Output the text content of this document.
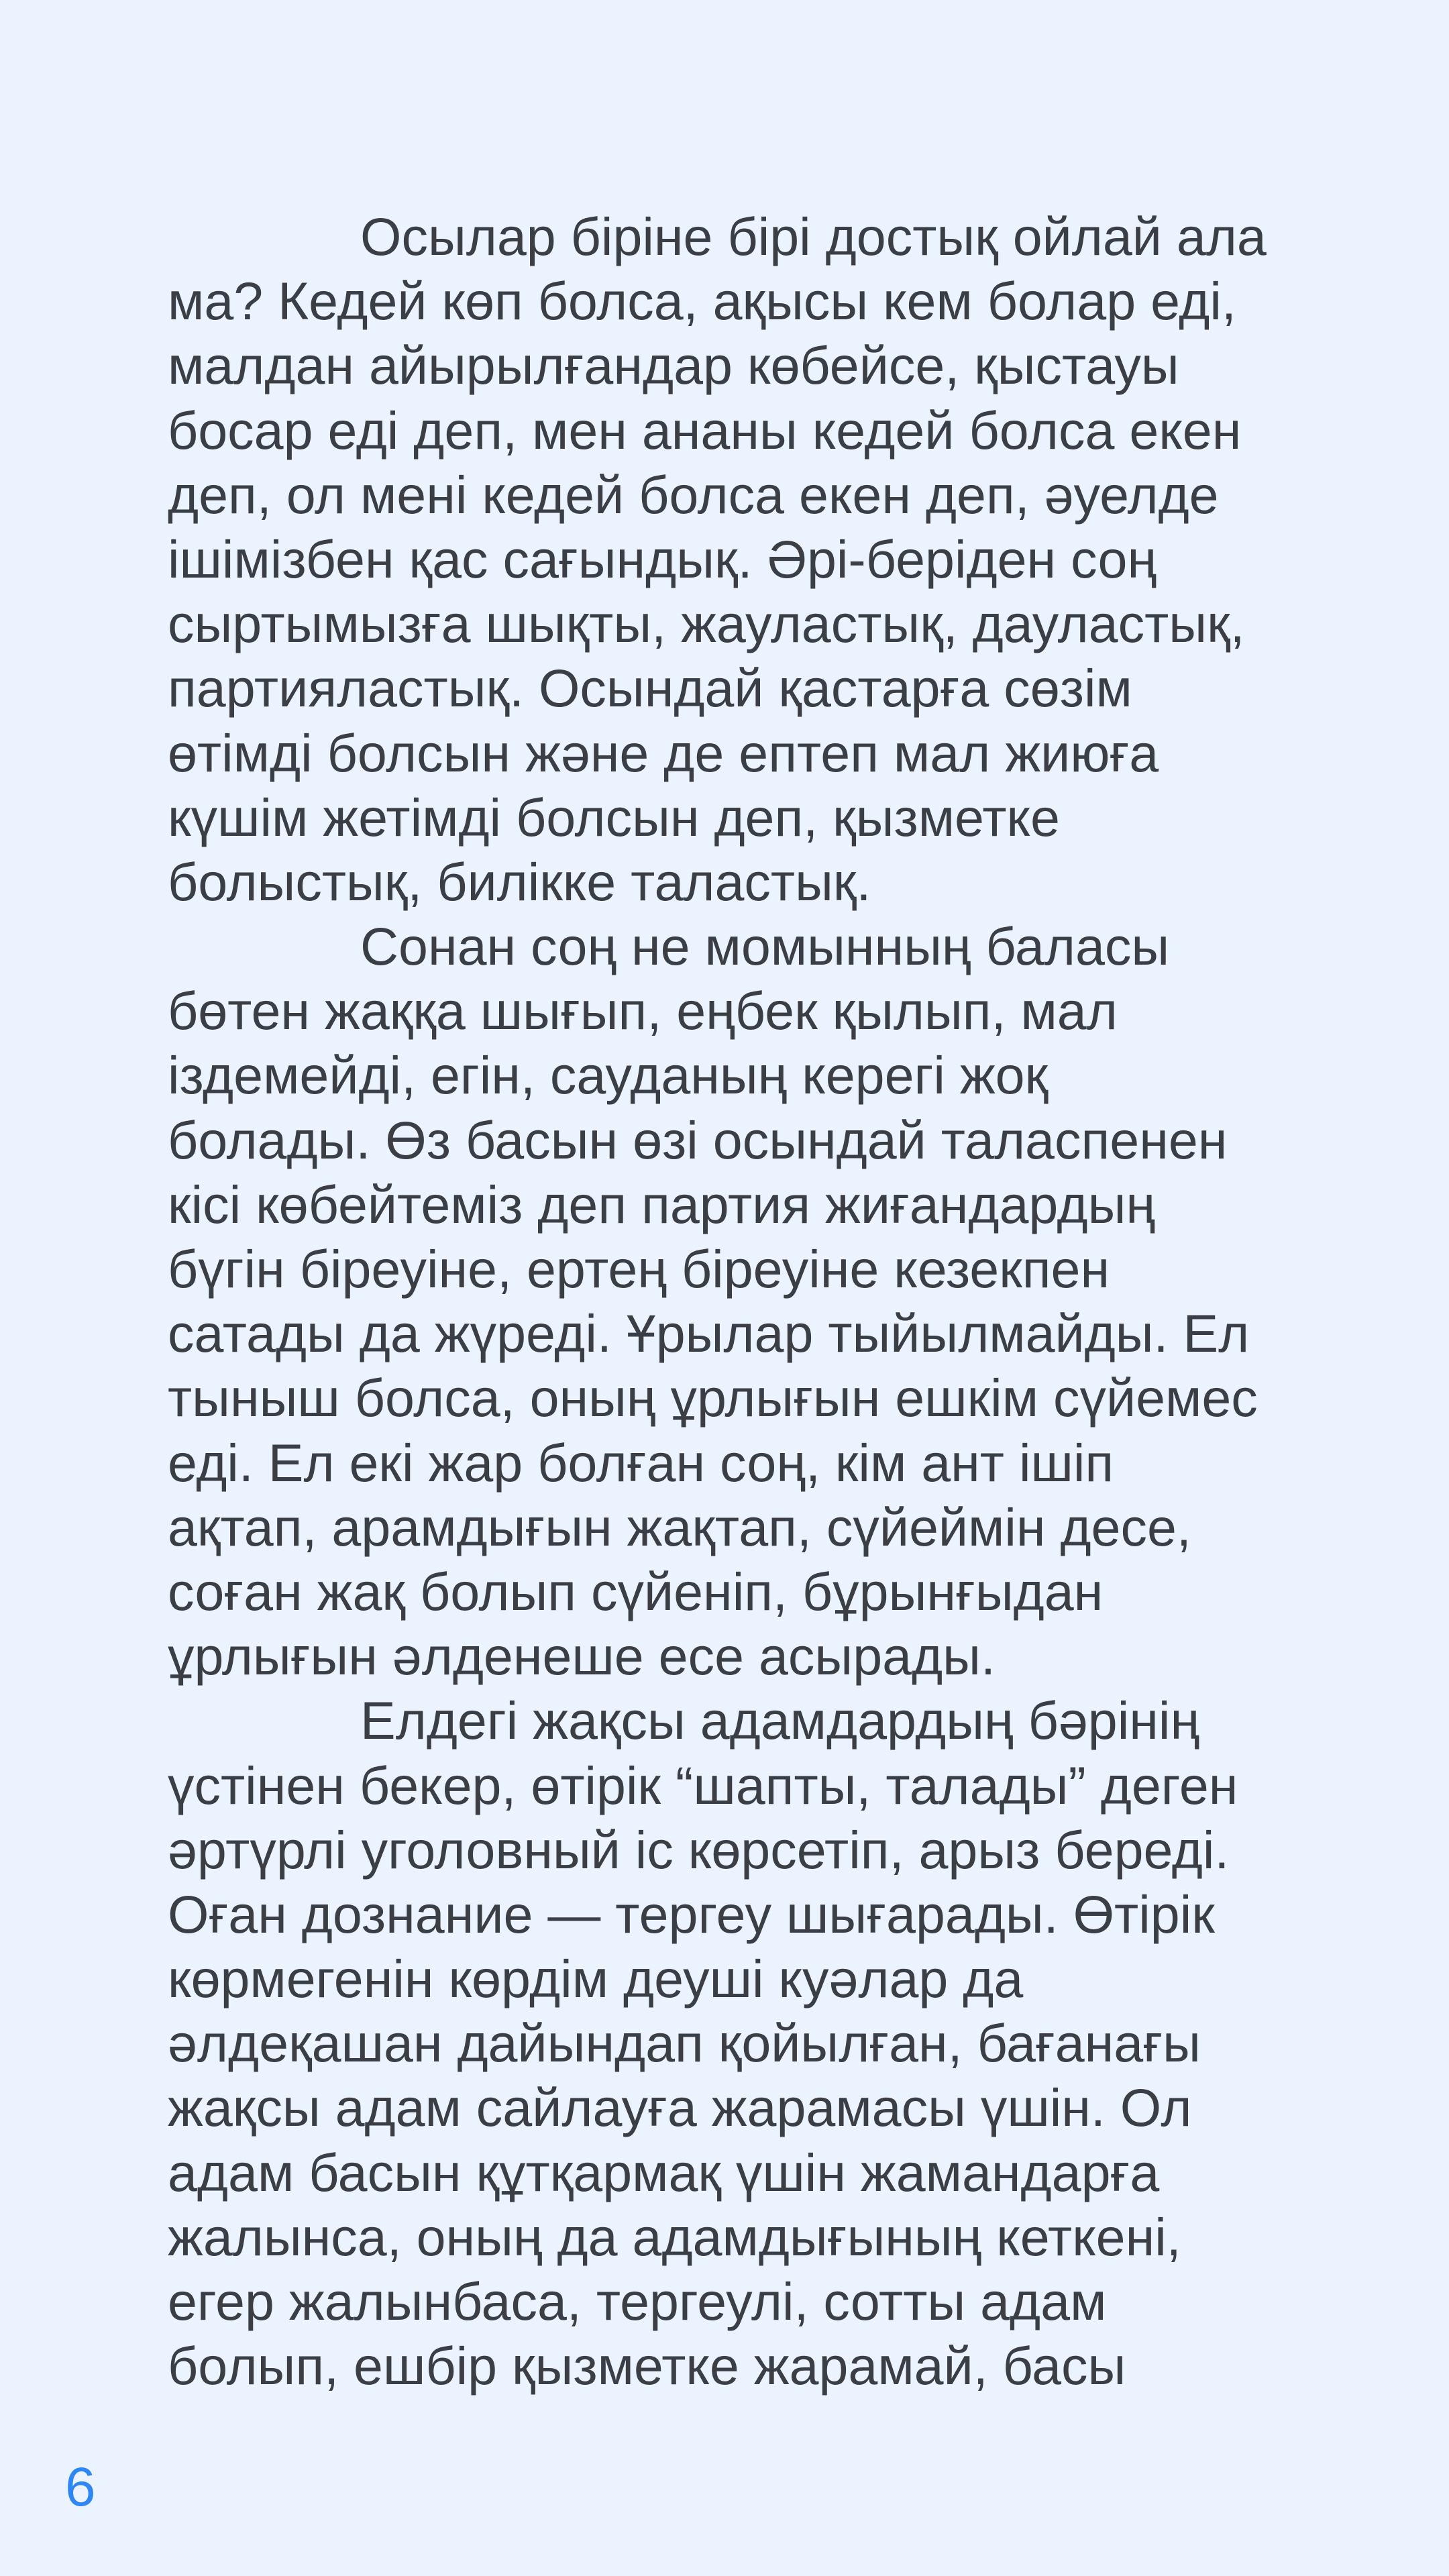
Осылар біріне бірі достық ойлай ала
ма? Кедей көп болса, ақысы кем болар еді,
малдан айырылғандар көбейсе, қыстауы
босар еді деп, мен ананы кедей болса екен
деп, ол мені кедей болса екен деп, әуелде
ішімізбен қас сағындық. Әрі-беріден соң
сыртымызға шықты, жауластық, дауластық,
партияластық. Осындай қастарға сөзім
өтімді болсын және де ептеп мал жиюға
күшім жетімді болсын деп, қызметке
болыстық, билікке таластық.
Сонан соң не момынның баласы
бөтен жаққа шығып, еңбек қылып, мал
іздемейді, егін, сауданың керегі жоқ
болады. Өз басын өзі осындай таласпенен
кісі көбейтеміз деп партия жиғандардың
бүгін біреуіне, ертең біреуіне кезекпен
сатады да жүреді. Ұрылар тыйылмайды. Ел
тыныш болса, оның ұрлығын ешкім сүйемес
еді. Ел екі жар болған соң, кім ант ішіп
ақтап, арамдығын жақтап, сүйеймін десе,
соған жақ болып сүйеніп, бұрынғыдан
ұрлығын әлденеше есе асырады.
Елдегі жақсы адамдардың бәрінің
үстінен бекер, өтірік “шапты, талады” деген
әртүрлі уголовный іс көрсетіп, арыз береді.
Оған дознание — тергеу шығарады. Өтірік
көрмегенін көрдім деуші куәлар да
әлдеқашан дайындап қойылған, бағанағы
жақсы адам сайлауға жарамасы үшін. Ол
адам басын құтқармақ үшін жамандарға
жалынса, оның да адамдығының кеткені,
егер жалынбаса, тергеулі, сотты адам
болып, ешбір қызметке жарамай, басы
6
